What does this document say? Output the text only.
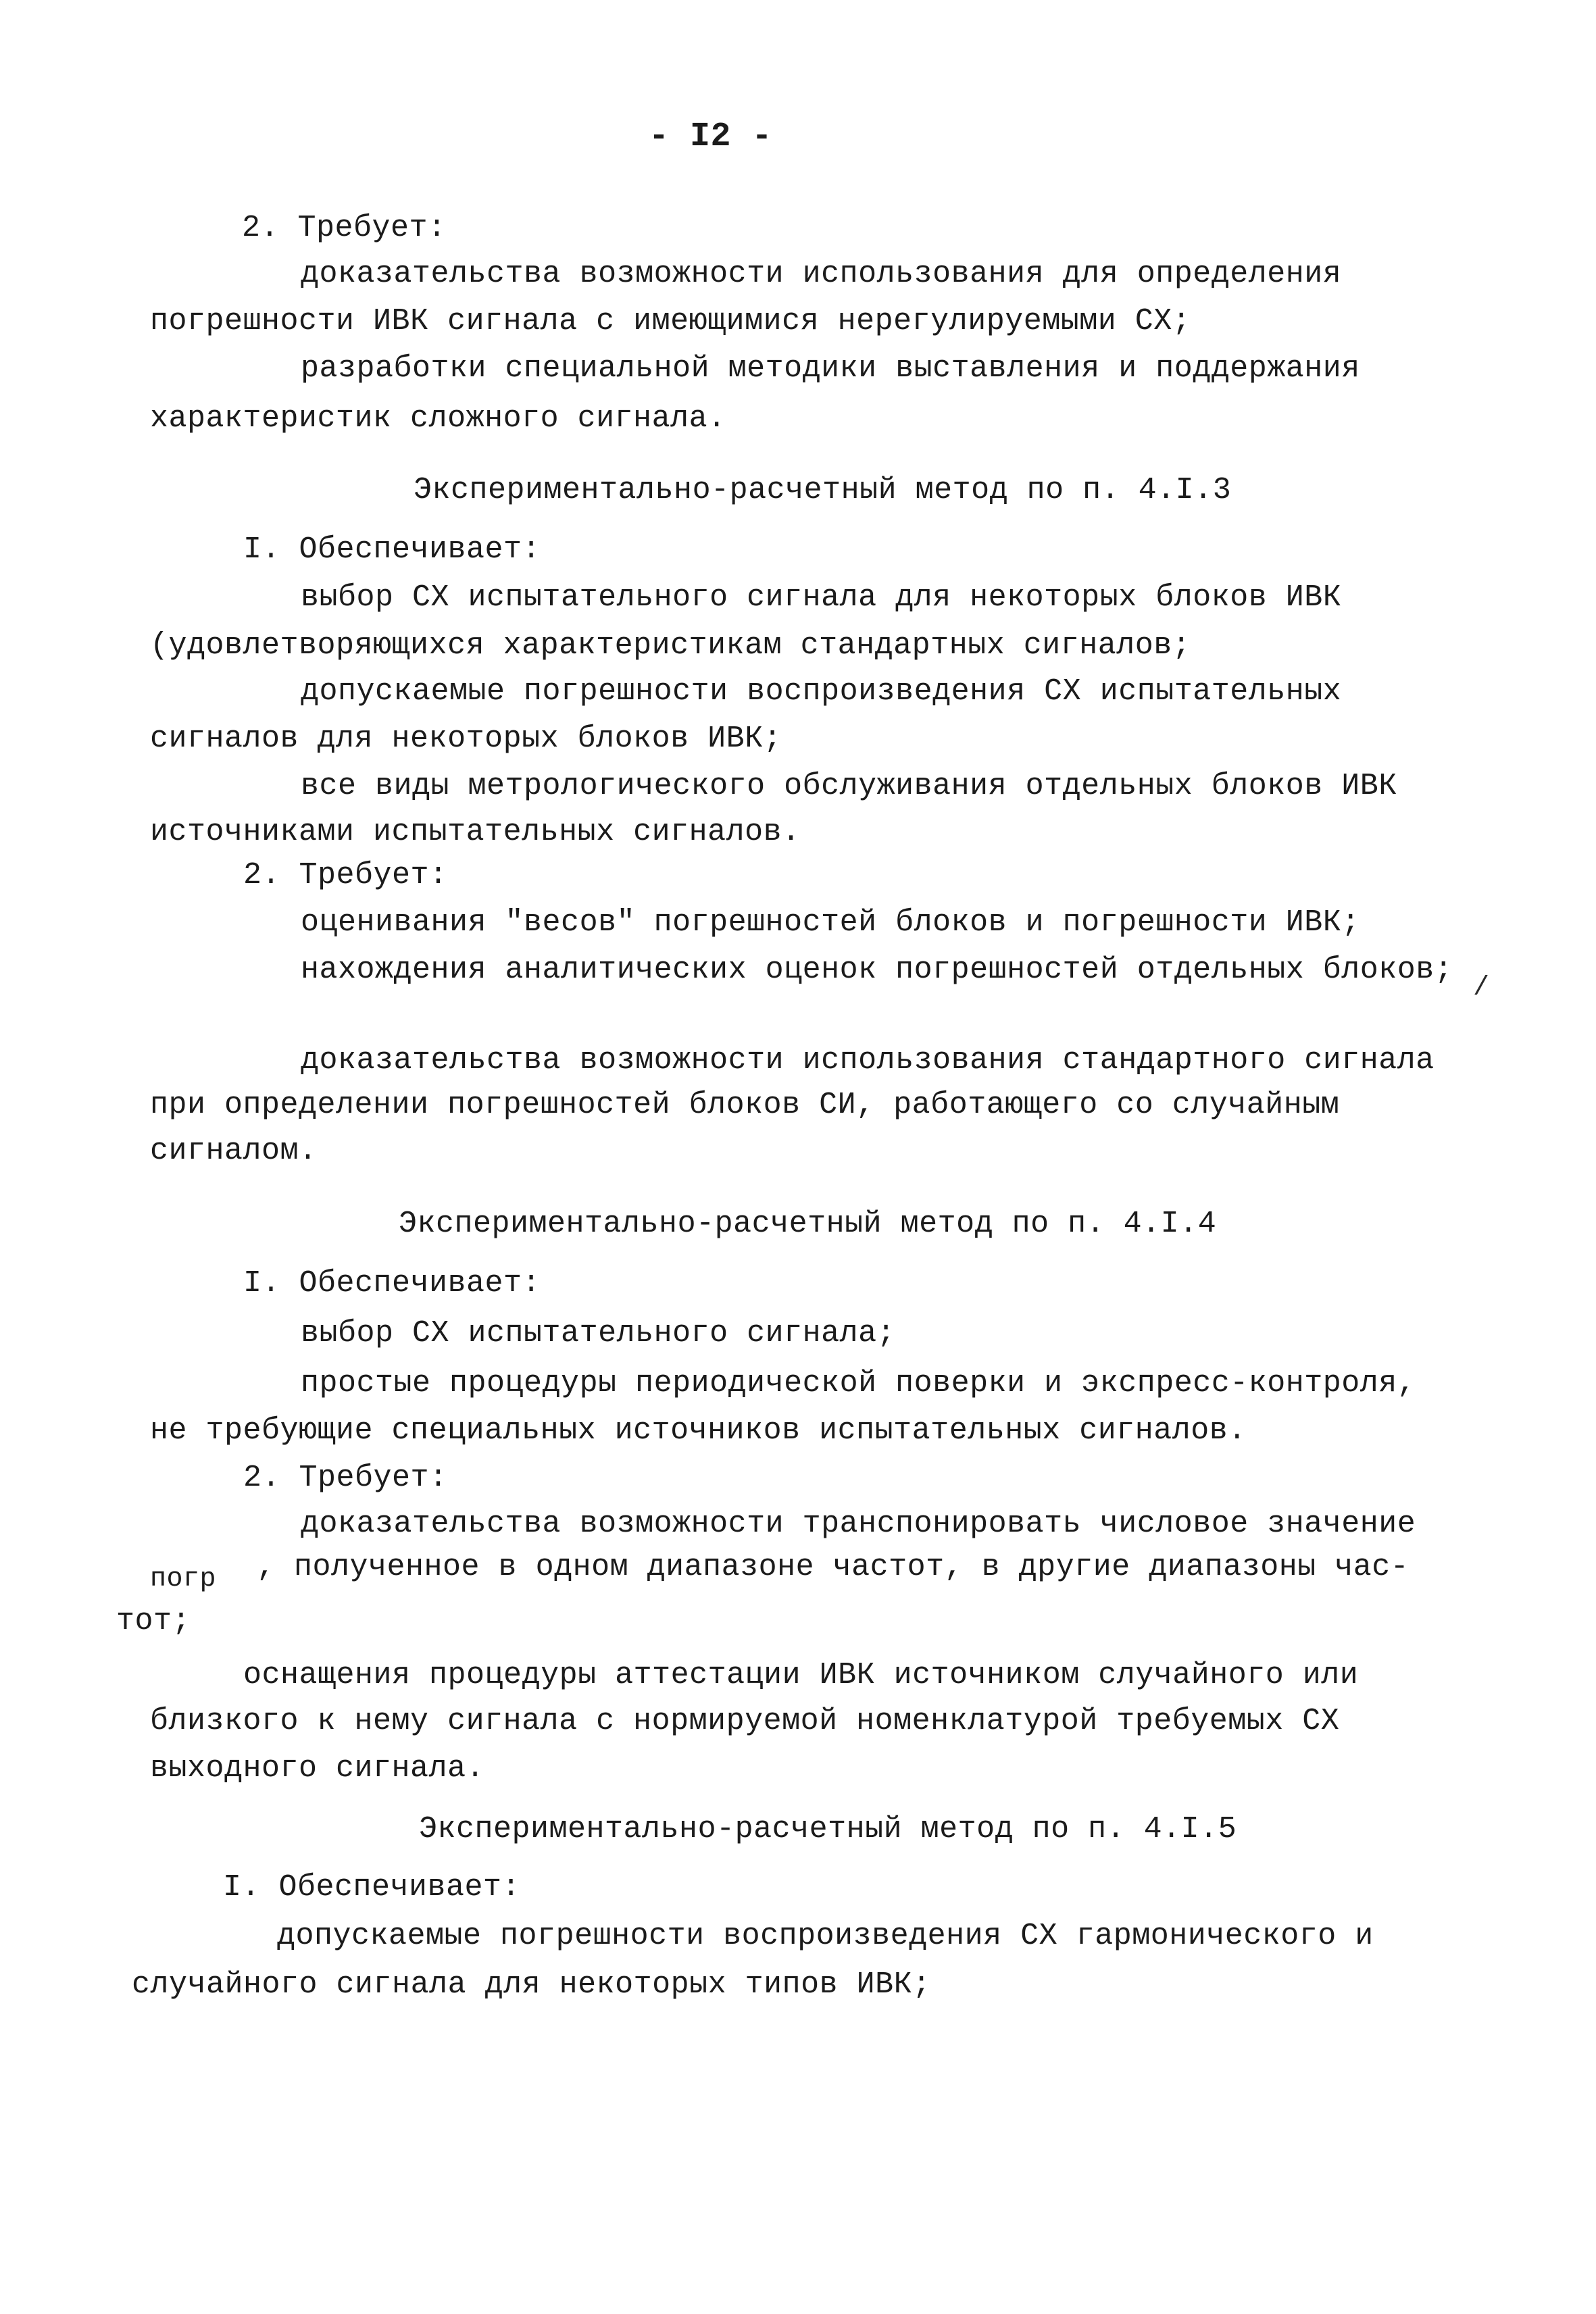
- I2 -
2. Требует:
доказательства возможности использования для определения
погрешности ИВК сигнала с имеющимися нерегулируемыми СХ;
разработки специальной методики выставления и поддержания
характеристик сложного сигнала.
Экспериментально-расчетный метод по п. 4.I.3
I. Обеспечивает:
выбор СХ испытательного сигнала для некоторых блоков ИВК
(удовлетворяющихся характеристикам стандартных сигналов;
допускаемые погрешности воспроизведения СХ испытательных
сигналов для некоторых блоков ИВК;
все виды метрологического обслуживания отдельных блоков ИВК
источниками испытательных сигналов.
2. Требует:
оценивания "весов" погрешностей блоков и погрешности ИВК;
нахождения аналитических оценок погрешностей отдельных блоков;
/
доказательства возможности использования стандартного сигнала
при определении погрешностей блоков СИ, работающего со случайным
сигналом.
Экспериментально-расчетный метод по п. 4.I.4
I. Обеспечивает:
выбор СХ испытательного сигнала;
простые процедуры периодической поверки и экспресс-контроля,
не требующие специальных источников испытательных сигналов.
2. Требует:
доказательства возможности транспонировать числовое значение
погр , полученное в одном диапазоне частот, в другие диапазоны час-
тот;
оснащения процедуры аттестации ИВК источником случайного или
близкого к нему сигнала с нормируемой номенклатурой требуемых СХ
выходного сигнала.
Экспериментально-расчетный метод по п. 4.I.5
I. Обеспечивает:
допускаемые погрешности воспроизведения СХ гармонического и
случайного сигнала для некоторых типов ИВК;
